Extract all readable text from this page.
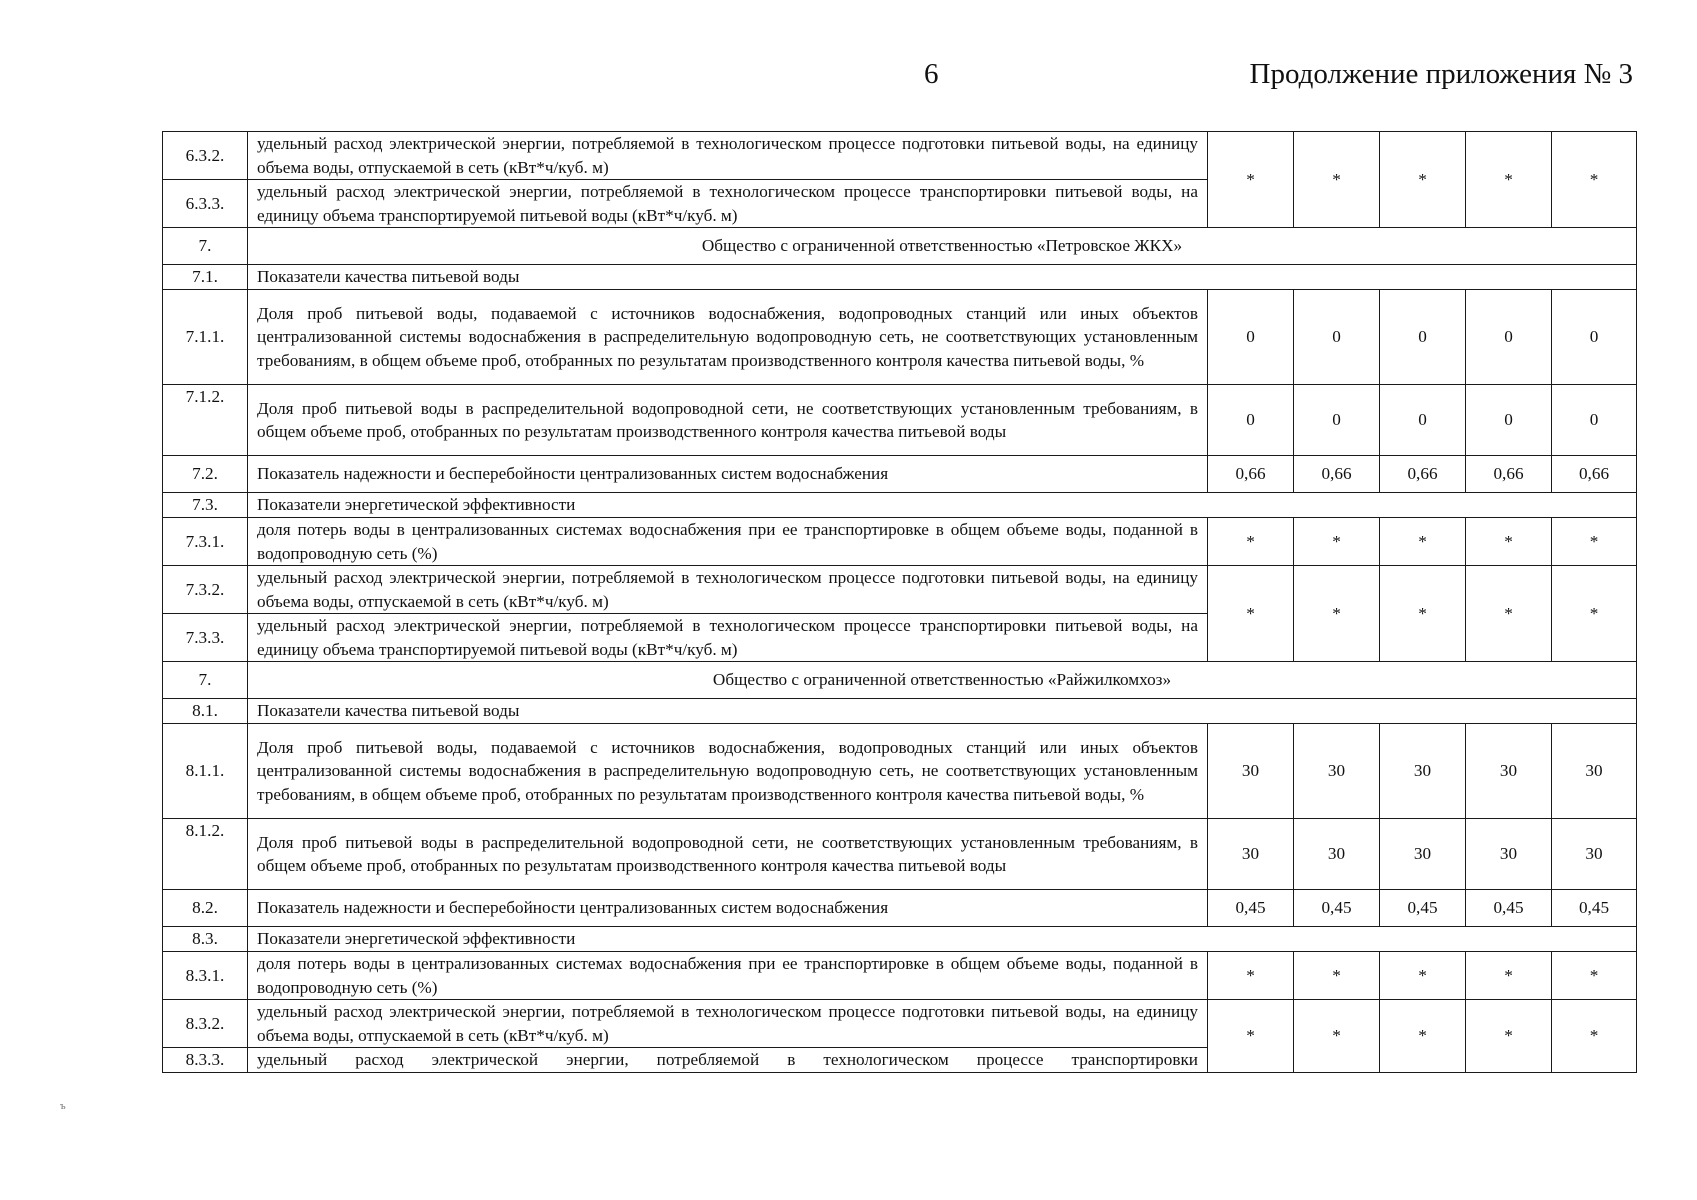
6	Продолжение приложения № 3
6.3.2.	удельный расход электрической энергии, потребляемой в технологическом процессе подготовки питьевой воды, на единицу объема воды, отпускаемой в сеть (кВт*ч/куб. м)	*	*	*	*	*
6.3.3.	удельный расход электрической энергии, потребляемой в технологическом процессе транспортировки питьевой воды, на единицу объема транспортируемой питьевой воды (кВт*ч/куб. м)					
7.	Общество с ограниченной ответственностью «Петровское ЖКХ»					
7.1.	Показатели качества питьевой воды					
7.1.1.	Доля проб питьевой воды, подаваемой с источников водоснабжения, водопроводных станций или иных объектов централизованной системы водоснабжения в распределительную водопроводную сеть, не соответствующих установленным требованиям, в общем объеме проб, отобранных по результатам производственного контроля качества питьевой воды, %	0	0	0	0	0
7.1.2.	Доля проб питьевой воды в распределительной водопроводной сети, не соответствующих установленным требованиям, в общем объеме проб, отобранных по результатам производственного контроля качества питьевой воды	0	0	0	0	0
7.2.	Показатель надежности и бесперебойности централизованных систем водоснабжения	0,66	0,66	0,66	0,66	0,66
7.3.	Показатели энергетической эффективности					
7.3.1.	доля потерь воды в централизованных системах водоснабжения при ее транспортировке в общем объеме воды, поданной в водопроводную сеть (%)	*	*	*	*	*
7.3.2.	удельный расход электрической энергии, потребляемой в технологическом процессе подготовки питьевой воды, на единицу объема воды, отпускаемой в сеть (кВт*ч/куб. м)	*	*	*	*	*
7.3.3.	удельный расход электрической энергии, потребляемой в технологическом процессе транспортировки питьевой воды, на единицу объема транспортируемой питьевой воды (кВт*ч/куб. м)					
7.	Общество с ограниченной ответственностью «Райжилкомхоз»					
8.1.	Показатели качества питьевой воды					
8.1.1.	Доля проб питьевой воды, подаваемой с источников водоснабжения, водопроводных станций или иных объектов централизованной системы водоснабжения в распределительную водопроводную сеть, не соответствующих установленным требованиям, в общем объеме проб, отобранных по результатам производственного контроля качества питьевой воды, %	30	30	30	30	30
8.1.2.	Доля проб питьевой воды в распределительной водопроводной сети, не соответствующих установленным требованиям, в общем объеме проб, отобранных по результатам производственного контроля качества питьевой воды	30	30	30	30	30
8.2.	Показатель надежности и бесперебойности централизованных систем водоснабжения	0,45	0,45	0,45	0,45	0,45
8.3.	Показатели энергетической эффективности					
8.3.1.	доля потерь воды в централизованных системах водоснабжения при ее транспортировке в общем объеме воды, поданной в водопроводную сеть (%)	*	*	*	*	*
8.3.2.	удельный расход электрической энергии, потребляемой в технологическом процессе подготовки питьевой воды, на единицу объема воды, отпускаемой в сеть (кВт*ч/куб. м)	*	*	*	*	*
8.3.3.	удельный расход электрической энергии, потребляемой в технологическом процессе транспортировки					
ъ
